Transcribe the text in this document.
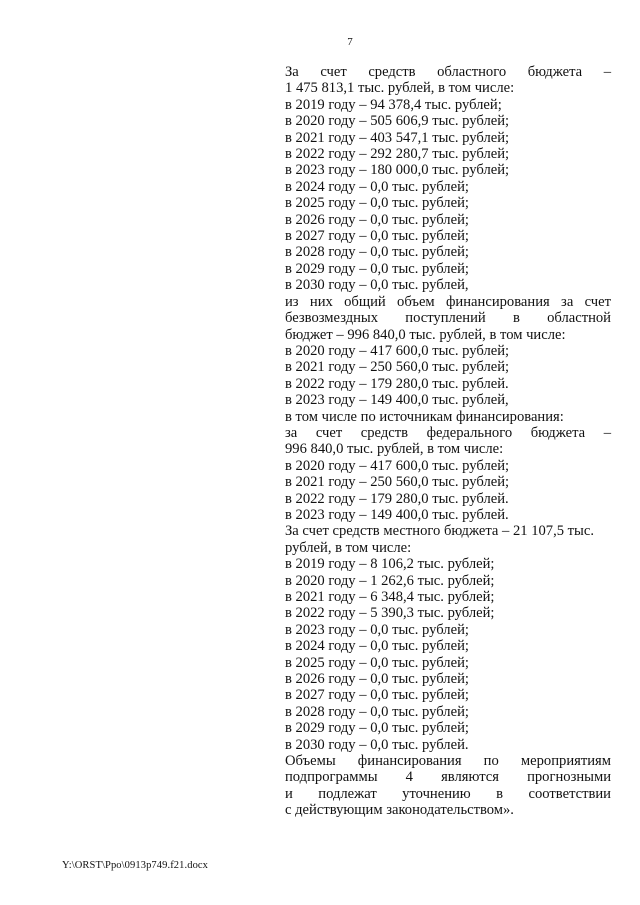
7
За счет средств областного бюджета –
1 475 813,1 тыс. рублей, в том числе:
в 2019 году – 94 378,4 тыс. рублей;
в 2020 году – 505 606,9 тыс. рублей;
в 2021 году – 403 547,1 тыс. рублей;
в 2022 году – 292 280,7 тыс. рублей;
в 2023 году – 180 000,0 тыс. рублей;
в 2024 году – 0,0 тыс. рублей;
в 2025 году – 0,0 тыс. рублей;
в 2026 году – 0,0 тыс. рублей;
в 2027 году – 0,0 тыс. рублей;
в 2028 году – 0,0 тыс. рублей;
в 2029 году – 0,0 тыс. рублей;
в 2030 году – 0,0 тыс. рублей,
из них общий объем финансирования за счет
безвозмездных поступлений в областной
бюджет – 996 840,0 тыс. рублей, в том числе:
в 2020 году – 417 600,0 тыс. рублей;
в 2021 году – 250 560,0 тыс. рублей;
в 2022 году – 179 280,0 тыс. рублей.
в 2023 году – 149 400,0 тыс. рублей,
в том числе по источникам финансирования:
за счет средств федерального бюджета –
996 840,0 тыс. рублей, в том числе:
в 2020 году – 417 600,0 тыс. рублей;
в 2021 году – 250 560,0 тыс. рублей;
в 2022 году – 179 280,0 тыс. рублей.
в 2023 году – 149 400,0 тыс. рублей.
За счет средств местного бюджета – 21 107,5 тыс.
рублей, в том числе:
в 2019 году – 8 106,2 тыс. рублей;
в 2020 году – 1 262,6 тыс. рублей;
в 2021 году – 6 348,4 тыс. рублей;
в 2022 году – 5 390,3 тыс. рублей;
в 2023 году – 0,0 тыс. рублей;
в 2024 году – 0,0 тыс. рублей;
в 2025 году – 0,0 тыс. рублей;
в 2026 году – 0,0 тыс. рублей;
в 2027 году – 0,0 тыс. рублей;
в 2028 году – 0,0 тыс. рублей;
в 2029 году – 0,0 тыс. рублей;
в 2030 году – 0,0 тыс. рублей.
Объемы финансирования по мероприятиям
подпрограммы 4 являются прогнозными
и подлежат уточнению в соответствии
с действующим законодательством».
Y:\ORST\Ppo\0913p749.f21.docx
